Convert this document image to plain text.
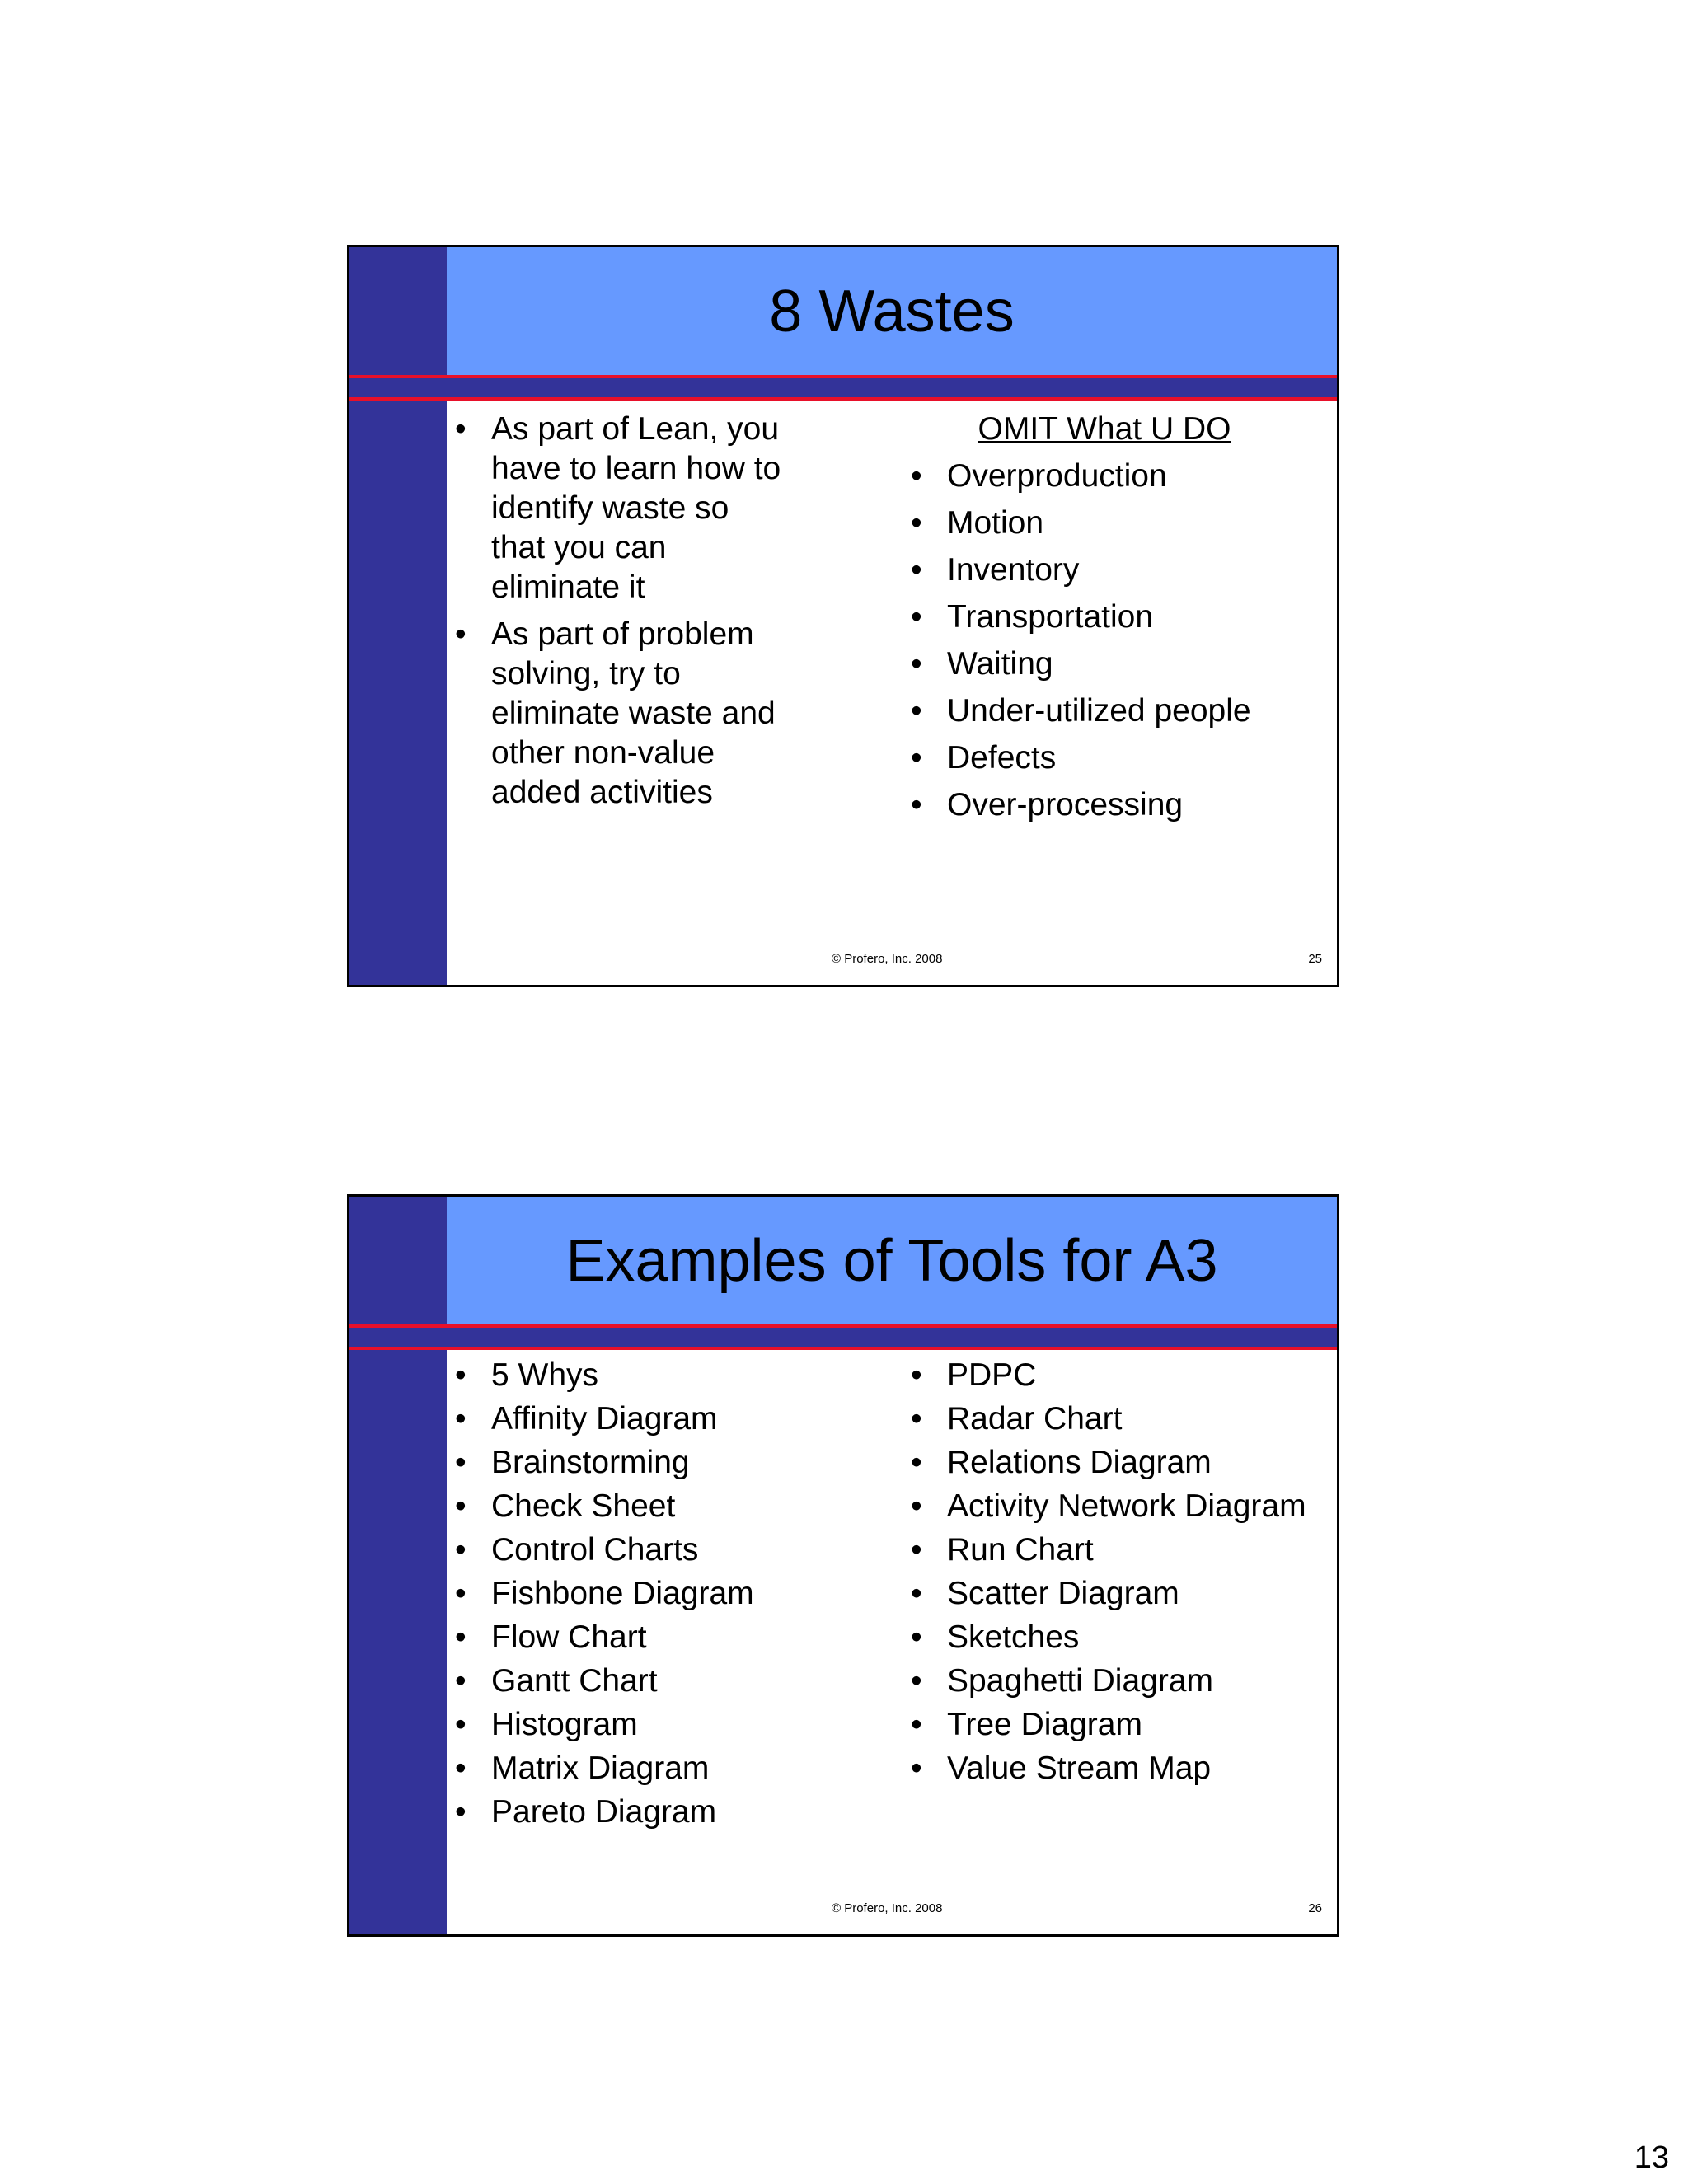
8 Wastes
• As part of Lean, you have to learn how to identify waste so that you can eliminate it
• As part of problem solving, try to eliminate waste and other non-value added activities
OMIT What U DO
• Overproduction
• Motion
• Inventory
• Transportation
• Waiting
• Under-utilized people
• Defects
• Over-processing
© Profero, Inc. 2008	25
Examples of Tools for A3
• 5 Whys
• Affinity Diagram
• Brainstorming
• Check Sheet
• Control Charts
• Fishbone Diagram
• Flow Chart
• Gantt Chart
• Histogram
• Matrix Diagram
• Pareto Diagram
• PDPC
• Radar Chart
• Relations Diagram
• Activity Network Diagram
• Run Chart
• Scatter Diagram
• Sketches
• Spaghetti Diagram
• Tree Diagram
• Value Stream Map
© Profero, Inc. 2008	26
13
